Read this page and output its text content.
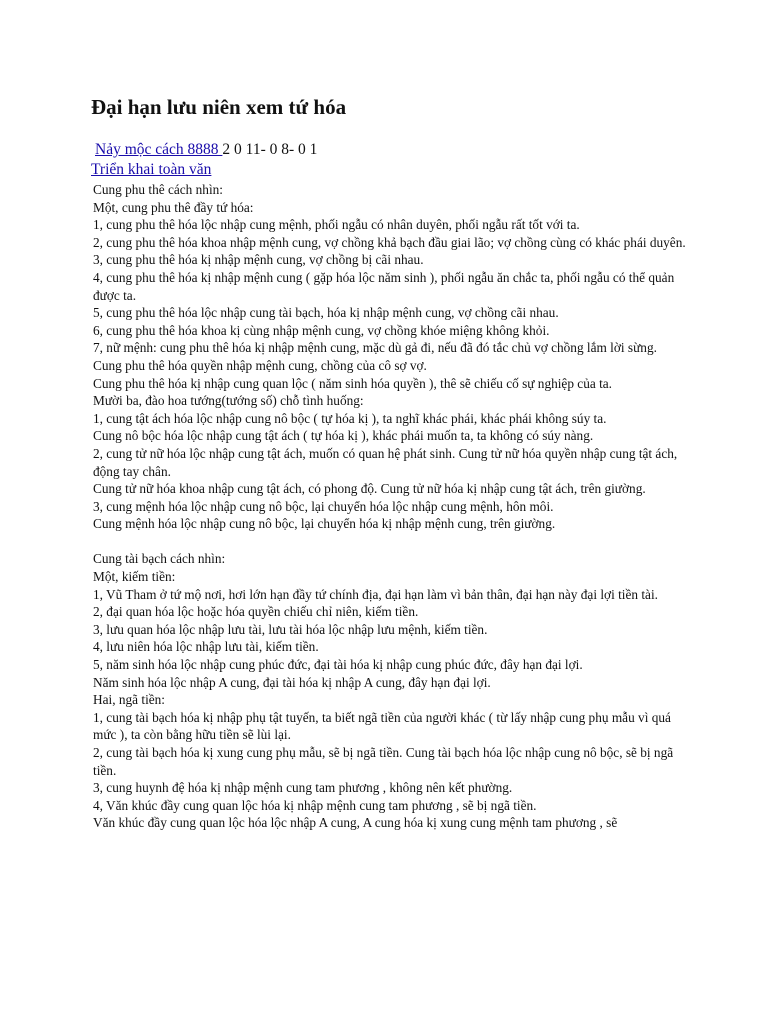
Đại hạn lưu niên xem tứ hóa
Nảy mộc cách 8888 2 0 11- 0 8- 0 1
Triển khai toàn văn

Cung phu thê cách nhìn:

Một, cung phu thê đầy tứ hóa:

1, cung phu thê hóa lộc nhập cung mệnh, phối ngẫu có nhân duyên, phối ngẫu rất tốt với ta.

2, cung phu thê hóa khoa nhập mệnh cung, vợ chồng khả bạch đầu giai lão; vợ chồng cùng có khác phái duyên.

3, cung phu thê hóa kị nhập mệnh cung, vợ chồng bị cãi nhau.

4, cung phu thê hóa kị nhập mệnh cung ( gặp hóa lộc năm sinh ), phối ngẫu ăn chắc ta, phối ngẫu có thể quản được ta.

5, cung phu thê hóa lộc nhập cung tài bạch, hóa kị nhập mệnh cung, vợ chồng cãi nhau.

6, cung phu thê hóa khoa kị cùng nhập mệnh cung, vợ chồng khóe miệng không khỏi.

7, nữ mệnh: cung phu thê hóa kị nhập mệnh cung, mặc dù gả đi, nếu đã đó tắc chủ vợ chồng lắm lời sừng.

Cung phu thê hóa quyền nhập mệnh cung, chồng của cô sợ vợ.

Cung phu thê hóa kị nhập cung quan lộc ( năm sinh hóa quyền ), thê sẽ chiếu cố sự nghiệp của ta.

Mười ba, đào hoa tướng(tướng số) chỗ tình huống:

1, cung tật ách hóa lộc nhập cung nô bộc ( tự hóa kị ), ta nghĩ khác phái, khác phái không súy ta.

Cung nô bộc hóa lộc nhập cung tật ách ( tự hóa kị ), khác phái muốn ta, ta không có súy nàng.

2, cung tử nữ hóa lộc nhập cung tật ách, muốn có quan hệ phát sinh. Cung tử nữ hóa quyền nhập cung tật ách, động tay chân.

Cung tử nữ hóa khoa nhập cung tật ách, có phong độ. Cung tử nữ hóa kị nhập cung tật ách, trên giường.

3, cung mệnh hóa lộc nhập cung nô bộc, lại chuyển hóa lộc nhập cung mệnh, hôn môi.

Cung mệnh hóa lộc nhập cung nô bộc, lại chuyển hóa kị nhập mệnh cung, trên giường.

Cung tài bạch cách nhìn:

Một, kiếm tiền:

1, Vũ Tham ở tứ mộ nơi, hơi lớn hạn đầy tứ chính địa, đại hạn làm vì bản thân, đại hạn này đại lợi tiền tài.

2, đại quan hóa lộc hoặc hóa quyền chiếu chỉ niên, kiếm tiền.

3, lưu quan hóa lộc nhập lưu tài, lưu tài hóa lộc nhập lưu mệnh, kiếm tiền.

4, lưu niên hóa lộc nhập lưu tài, kiếm tiền.

5, năm sinh hóa lộc nhập cung phúc đức, đại tài hóa kị nhập cung phúc đức, đây hạn đại lợi.

Năm sinh hóa lộc nhập A cung, đại tài hóa kị nhập A cung, đây hạn đại lợi.

Hai, ngã tiền:

1, cung tài bạch hóa kị nhập phụ tật tuyến, ta biết ngã tiền của người khác ( từ lấy nhập cung phụ mẫu vì quá mức ), ta còn bằng hữu tiền sẽ lùi lại.

2, cung tài bạch hóa kị xung cung phụ mẫu, sẽ bị ngã tiền. Cung tài bạch hóa lộc nhập cung nô bộc, sẽ bị ngã tiền.

3, cung huynh đệ hóa kị nhập mệnh cung tam phương , không nên kết phường.

4, Văn khúc đầy cung quan lộc hóa kị nhập mệnh cung tam phương , sẽ bị ngã tiền.

Văn khúc đầy cung quan lộc hóa lộc nhập A cung, A cung hóa kị xung cung mệnh tam phương , sẽ
